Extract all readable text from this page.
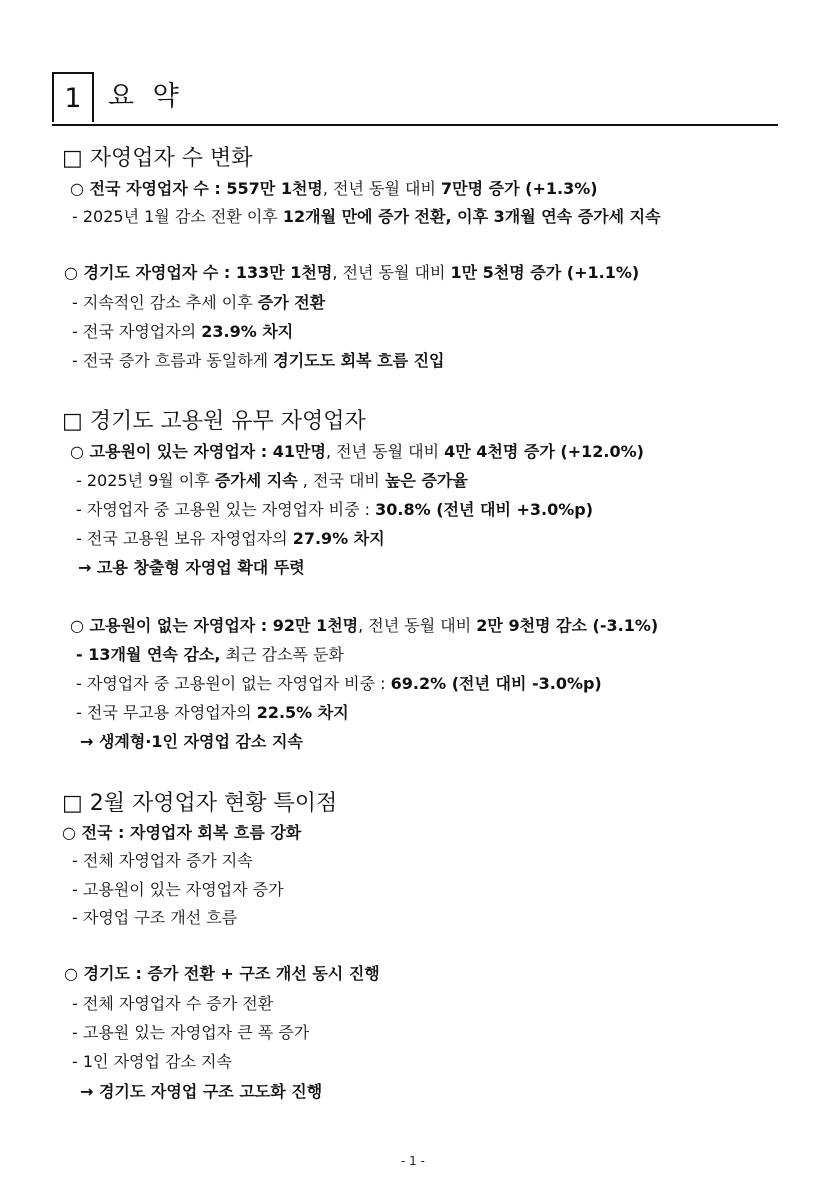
1 요 약
□ 자영업자 수 변화
○ 전국 자영업자 수 : 557만 1천명, 전년 동월 대비 7만명 증가 (+1.3%)
- 2025년 1월 감소 전환 이후 12개월 만에 증가 전환, 이후 3개월 연속 증가세 지속
○ 경기도 자영업자 수 : 133만 1천명, 전년 동월 대비 1만 5천명 증가 (+1.1%)
- 지속적인 감소 추세 이후 증가 전환
- 전국 자영업자의 23.9% 차지
- 전국 증가 흐름과 동일하게 경기도도 회복 흐름 진입
□ 경기도 고용원 유무 자영업자
○ 고용원이 있는 자영업자 : 41만명, 전년 동월 대비 4만 4천명 증가 (+12.0%)
- 2025년 9월 이후 증가세 지속 , 전국 대비 높은 증가율
- 자영업자 중 고용원 있는 자영업자 비중 : 30.8% (전년 대비 +3.0%p)
- 전국 고용원 보유 자영업자의 27.9% 차지
→ 고용 창출형 자영업 확대 뚜렷
○ 고용원이 없는 자영업자 : 92만 1천명, 전년 동월 대비 2만 9천명 감소 (-3.1%)
- 13개월 연속 감소, 최근 감소폭 둔화
- 자영업자 중 고용원이 없는 자영업자 비중 : 69.2% (전년 대비 -3.0%p)
- 전국 무고용 자영업자의 22.5% 차지
→ 생계형·1인 자영업 감소 지속
□ 2월 자영업자 현황 특이점
○ 전국 : 자영업자 회복 흐름 강화
- 전체 자영업자 증가 지속
- 고용원이 있는 자영업자 증가
- 자영업 구조 개선 흐름
○ 경기도 : 증가 전환 + 구조 개선 동시 진행
- 전체 자영업자 수 증가 전환
- 고용원 있는 자영업자 큰 폭 증가
- 1인 자영업 감소 지속
→ 경기도 자영업 구조 고도화 진행
- 1 -
